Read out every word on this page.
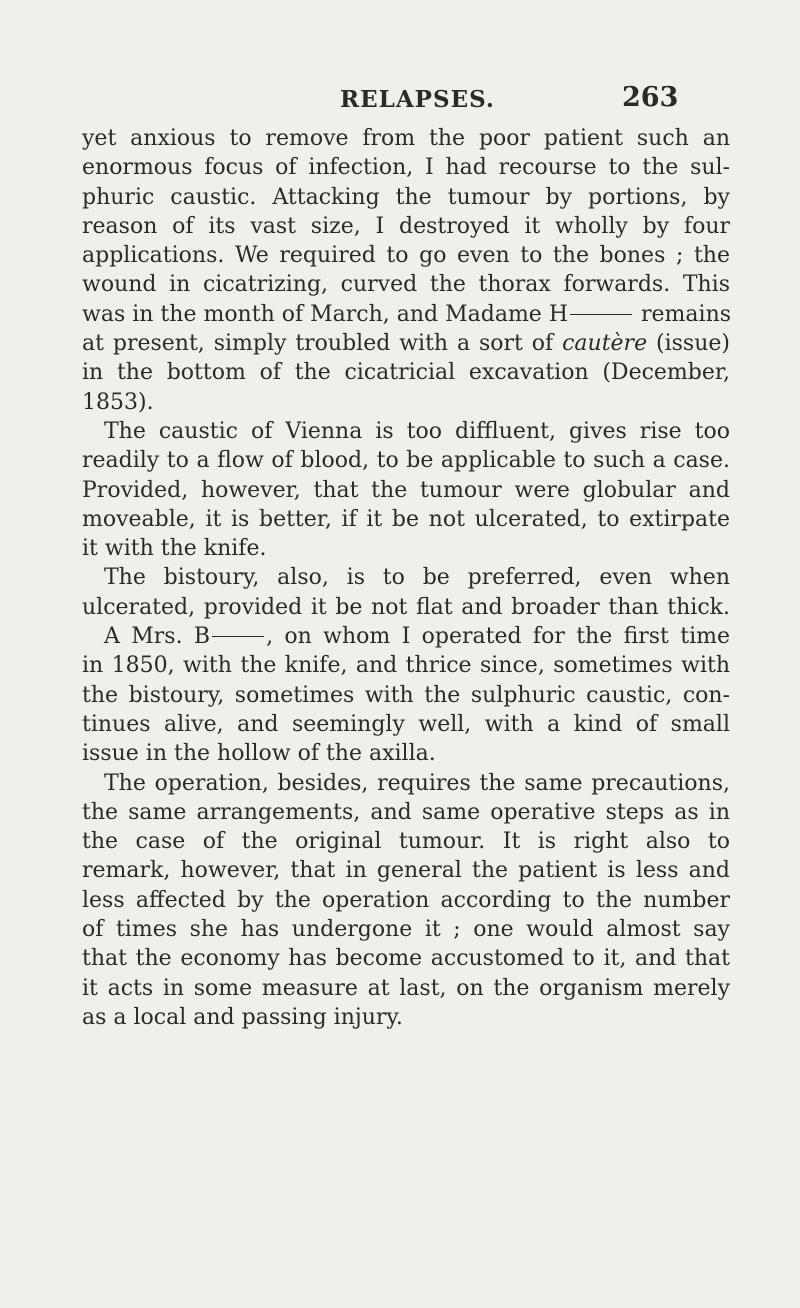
RELAPSES.	263
yet anxious to remove from the poor patient such an
enormous focus of infection, I had recourse to the sul-
phuric caustic. Attacking the tumour by portions, by
reason of its vast size, I destroyed it wholly by four
applications. We required to go even to the bones ; the
wound in cicatrizing, curved the thorax forwards. This
was in the month of March, and Madame H	remains
at present, simply troubled with a sort of cautère (issue)
in the bottom of the cicatricial excavation (December,
1853).
The caustic of Vienna is too diffluent, gives rise too
readily to a flow of blood, to be applicable to such a case.
Provided, however, that the tumour were globular and
moveable, it is better, if it be not ulcerated, to extirpate
it with the knife.
The bistoury, also, is to be preferred, even when
ulcerated, provided it be not flat and broader than thick.
A Mrs. B	, on whom I operated for the first time
in 1850, with the knife, and thrice since, sometimes with
the bistoury, sometimes with the sulphuric caustic, con-
tinues alive, and seemingly well, with a kind of small
issue in the hollow of the axilla.
The operation, besides, requires the same precautions,
the same arrangements, and same operative steps as in
the case of the original tumour. It is right also to
remark, however, that in general the patient is less and
less affected by the operation according to the number
of times she has undergone it ; one would almost say
that the economy has become accustomed to it, and that
it acts in some measure at last, on the organism merely
as a local and passing injury.
